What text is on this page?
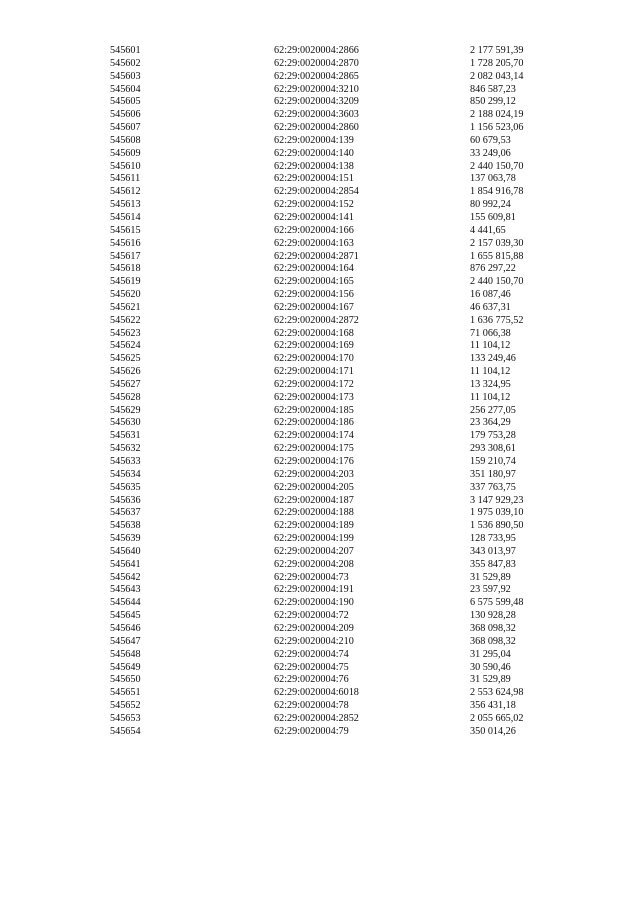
545601	62:29:0020004:2866	2 177 591,39
545602	62:29:0020004:2870	1 728 205,70
545603	62:29:0020004:2865	2 082 043,14
545604	62:29:0020004:3210	846 587,23
545605	62:29:0020004:3209	850 299,12
545606	62:29:0020004:3603	2 188 024,19
545607	62:29:0020004:2860	1 156 523,06
545608	62:29:0020004:139	60 679,53
545609	62:29:0020004:140	33 249,06
545610	62:29:0020004:138	2 440 150,70
545611	62:29:0020004:151	137 063,78
545612	62:29:0020004:2854	1 854 916,78
545613	62:29:0020004:152	80 992,24
545614	62:29:0020004:141	155 609,81
545615	62:29:0020004:166	4 441,65
545616	62:29:0020004:163	2 157 039,30
545617	62:29:0020004:2871	1 655 815,88
545618	62:29:0020004:164	876 297,22
545619	62:29:0020004:165	2 440 150,70
545620	62:29:0020004:156	16 087,46
545621	62:29:0020004:167	46 637,31
545622	62:29:0020004:2872	1 636 775,52
545623	62:29:0020004:168	71 066,38
545624	62:29:0020004:169	11 104,12
545625	62:29:0020004:170	133 249,46
545626	62:29:0020004:171	11 104,12
545627	62:29:0020004:172	13 324,95
545628	62:29:0020004:173	11 104,12
545629	62:29:0020004:185	256 277,05
545630	62:29:0020004:186	23 364,29
545631	62:29:0020004:174	179 753,28
545632	62:29:0020004:175	293 308,61
545633	62:29:0020004:176	159 210,74
545634	62:29:0020004:203	351 180,97
545635	62:29:0020004:205	337 763,75
545636	62:29:0020004:187	3 147 929,23
545637	62:29:0020004:188	1 975 039,10
545638	62:29:0020004:189	1 536 890,50
545639	62:29:0020004:199	128 733,95
545640	62:29:0020004:207	343 013,97
545641	62:29:0020004:208	355 847,83
545642	62:29:0020004:73	31 529,89
545643	62:29:0020004:191	23 597,92
545644	62:29:0020004:190	6 575 599,48
545645	62:29:0020004:72	130 928,28
545646	62:29:0020004:209	368 098,32
545647	62:29:0020004:210	368 098,32
545648	62:29:0020004:74	31 295,04
545649	62:29:0020004:75	30 590,46
545650	62:29:0020004:76	31 529,89
545651	62:29:0020004:6018	2 553 624,98
545652	62:29:0020004:78	356 431,18
545653	62:29:0020004:2852	2 055 665,02
545654	62:29:0020004:79	350 014,26
